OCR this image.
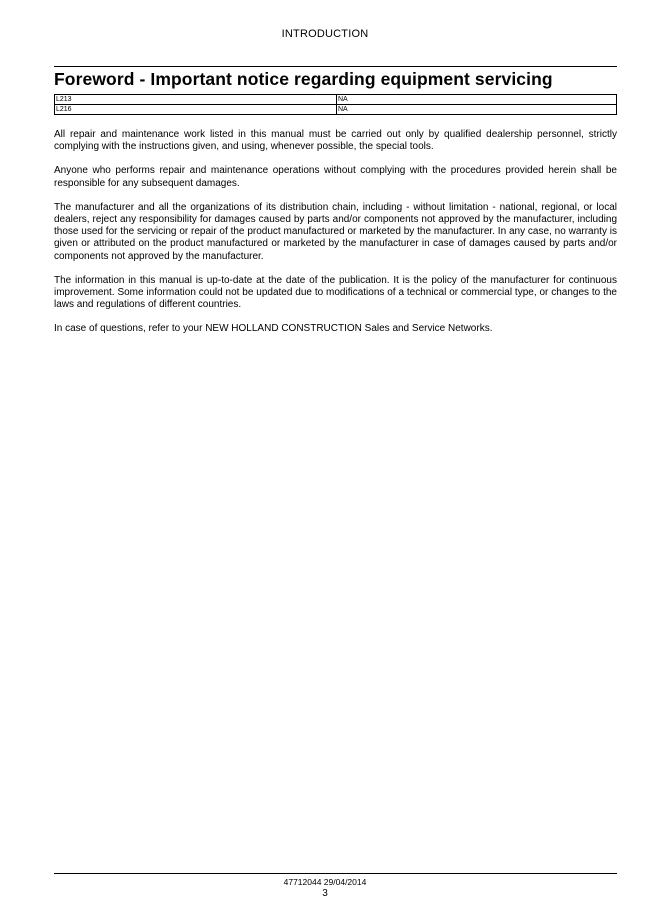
INTRODUCTION
Foreword - Important notice regarding equipment servicing
L213	NA
L216	NA

All repair and maintenance work listed in this manual must be carried out only by qualified dealership personnel, strictly complying with the instructions given, and using, whenever possible, the special tools.

Anyone who performs repair and maintenance operations without complying with the procedures provided herein shall be responsible for any subsequent damages.

The manufacturer and all the organizations of its distribution chain, including - without limitation - national, regional, or local dealers, reject any responsibility for damages caused by parts and/or components not approved by the manufacturer, including those used for the servicing or repair of the product manufactured or marketed by the manufacturer. In any case, no warranty is given or attributed on the product manufactured or marketed by the manufacturer in case of damages caused by parts and/or components not approved by the manufacturer.

The information in this manual is up-to-date at the date of the publication. It is the policy of the manufacturer for continuous improvement. Some information could not be updated due to modifications of a technical or commercial type, or changes to the laws and regulations of different countries.

In case of questions, refer to your NEW HOLLAND CONSTRUCTION Sales and Service Networks.

47712044 29/04/2014
3
